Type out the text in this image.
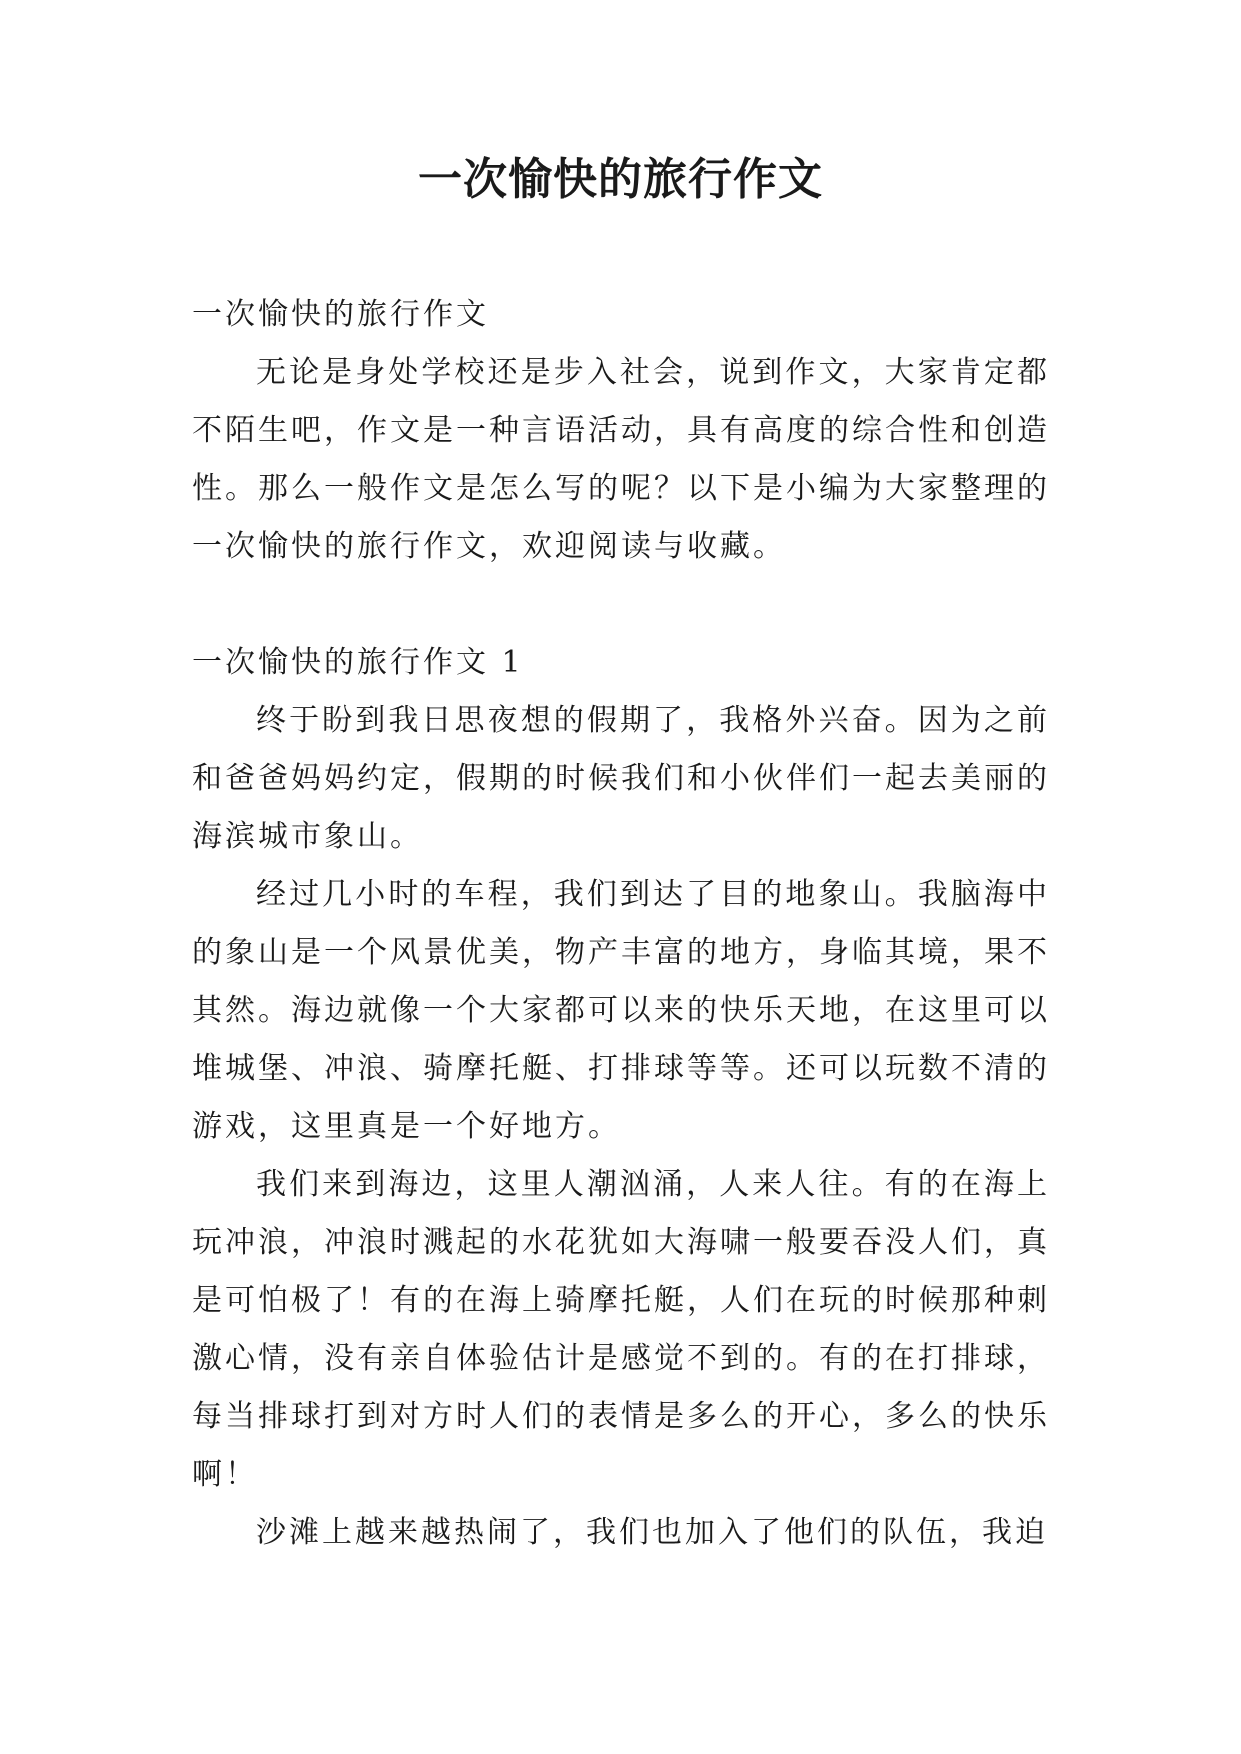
一次愉快的旅行作文

一次愉快的旅行作文

无论是身处学校还是步入社会，说到作文，大家肯定都不陌生吧，作文是一种言语活动，具有高度的综合性和创造性。那么一般作文是怎么写的呢？以下是小编为大家整理的一次愉快的旅行作文，欢迎阅读与收藏。

一次愉快的旅行作文 1

终于盼到我日思夜想的假期了，我格外兴奋。因为之前和爸爸妈妈约定，假期的时候我们和小伙伴们一起去美丽的海滨城市象山。

经过几小时的车程，我们到达了目的地象山。我脑海中的象山是一个风景优美，物产丰富的地方，身临其境，果不其然。海边就像一个大家都可以来的快乐天地，在这里可以堆城堡、冲浪、骑摩托艇、打排球等等。还可以玩数不清的游戏，这里真是一个好地方。

我们来到海边，这里人潮汹涌，人来人往。有的在海上玩冲浪，冲浪时溅起的水花犹如大海啸一般要吞没人们，真是可怕极了！有的在海上骑摩托艇，人们在玩的时候那种刺激心情，没有亲自体验估计是感觉不到的。有的在打排球，每当排球打到对方时人们的表情是多么的开心，多么的快乐啊！

沙滩上越来越热闹了，我们也加入了他们的队伍，我迫
